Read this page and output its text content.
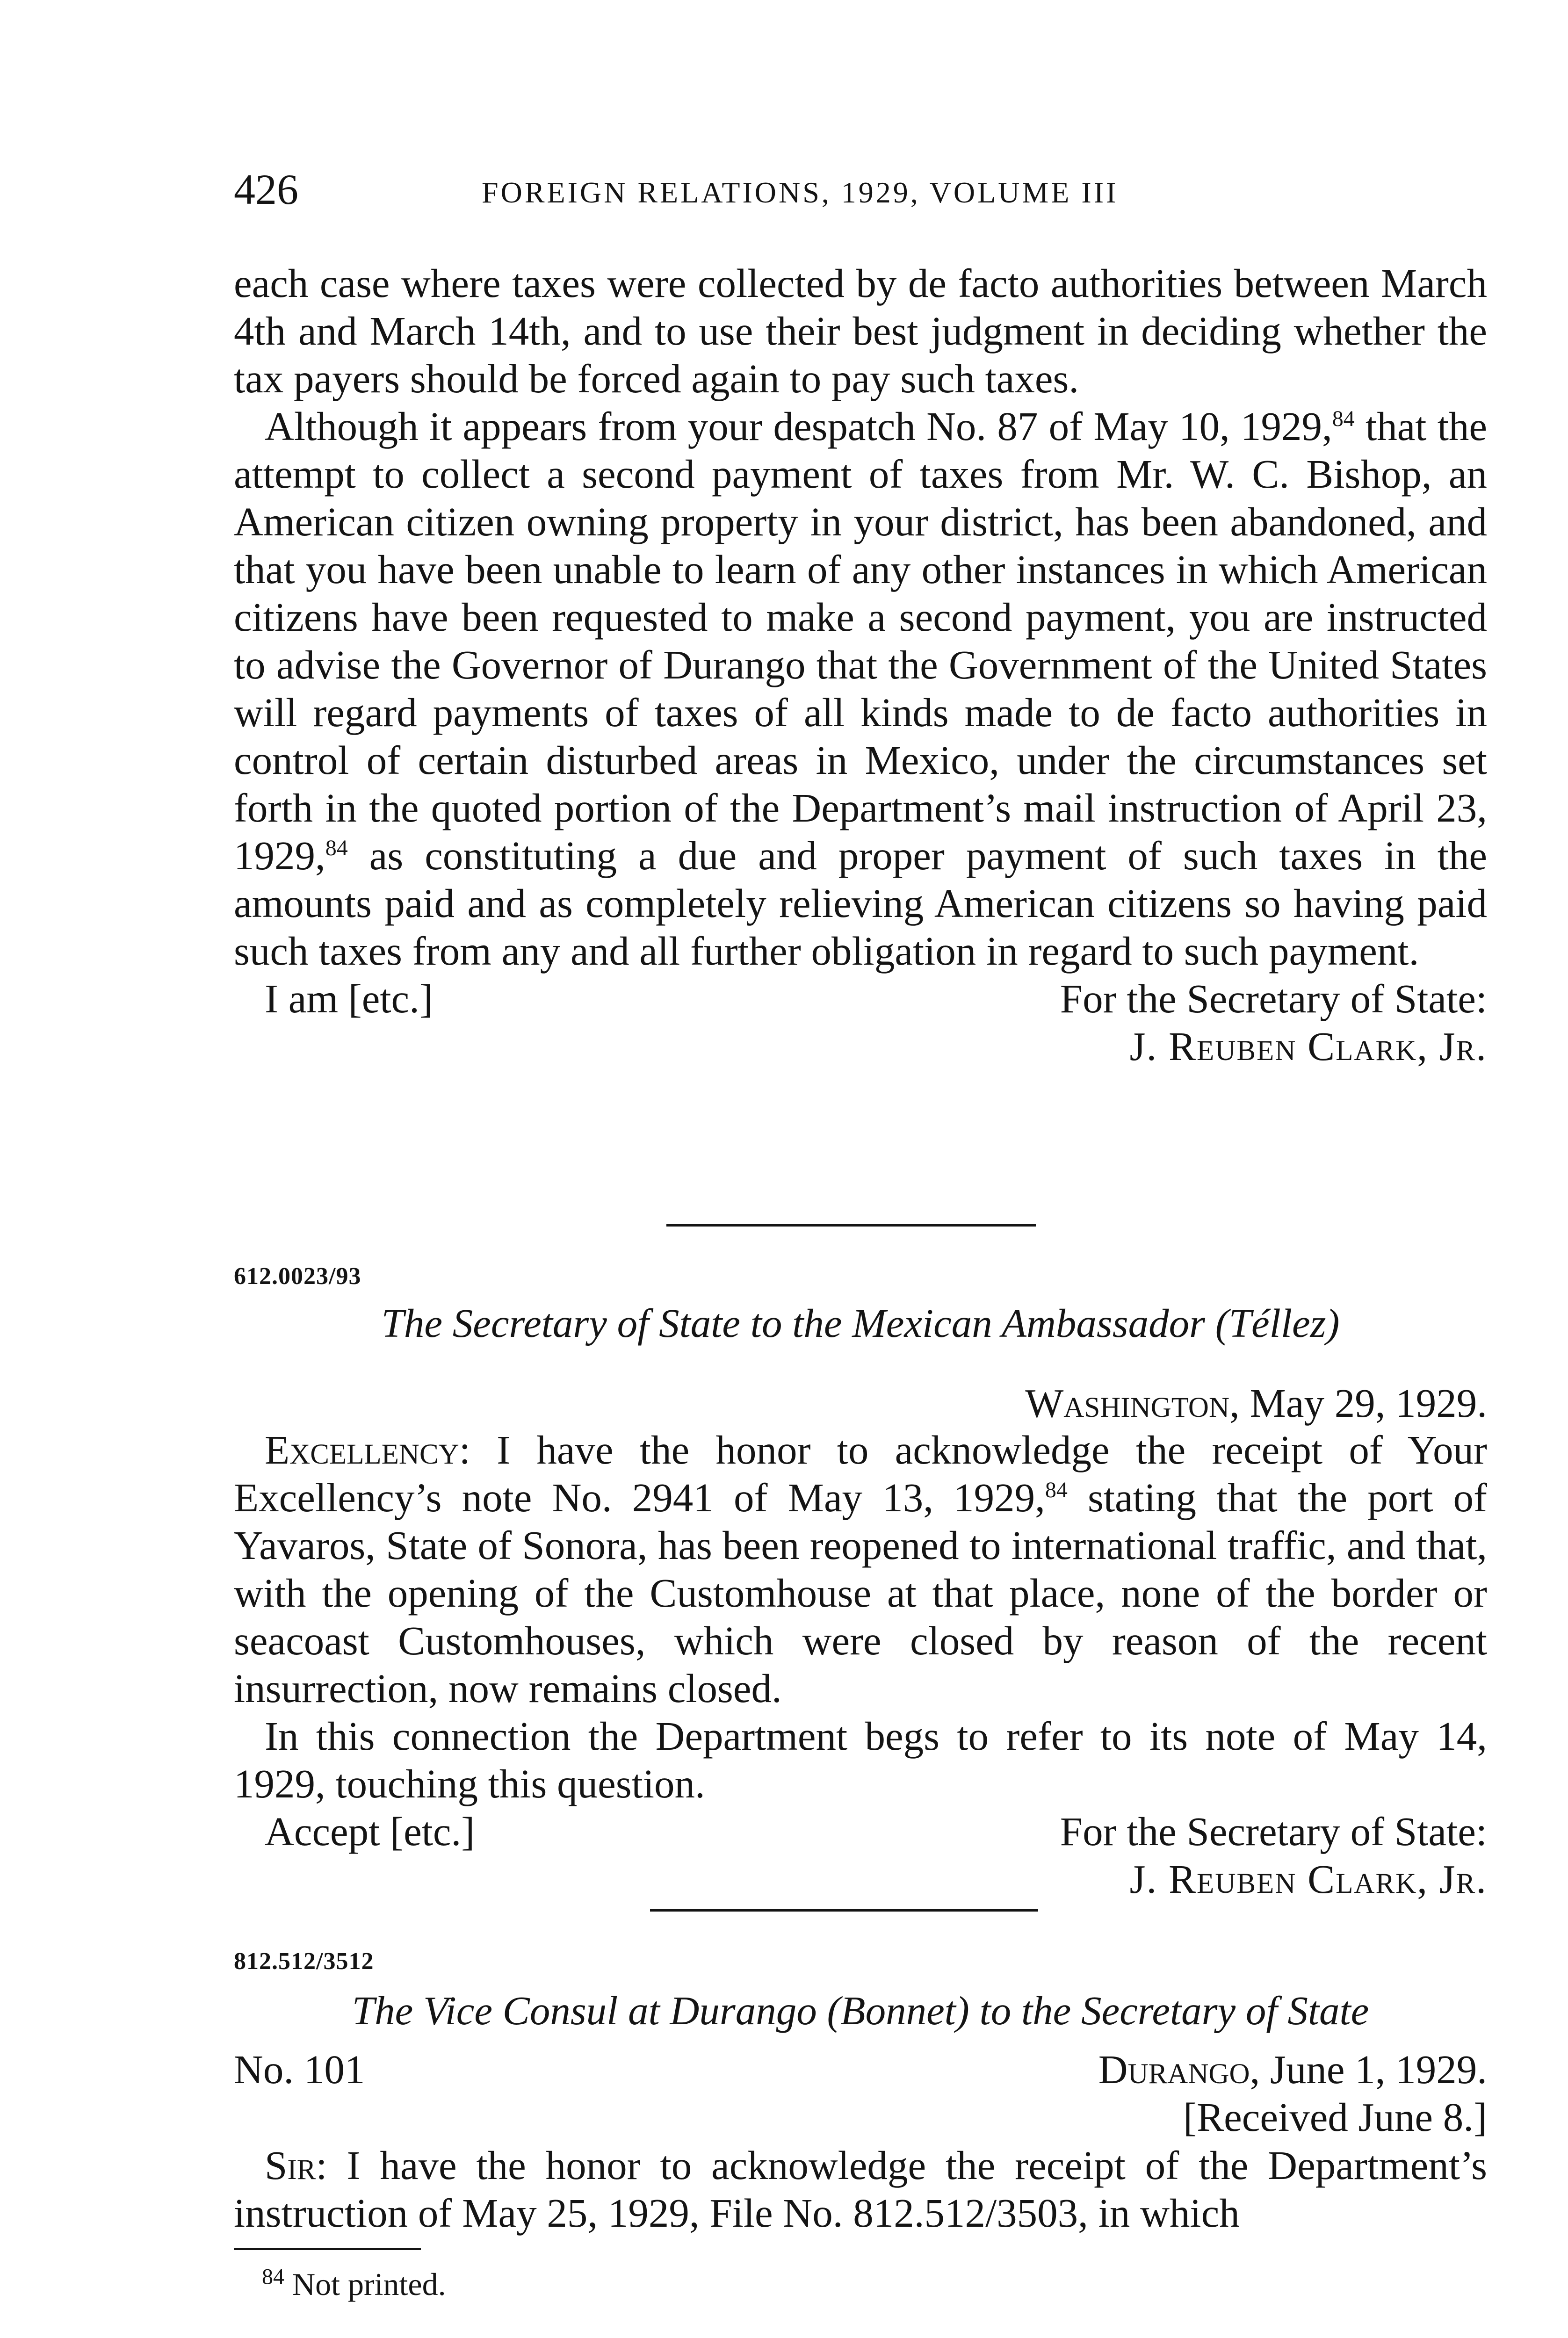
426	FOREIGN RELATIONS, 1929, VOLUME III

each case where taxes were collected by de facto authorities between March 4th and March 14th, and to use their best judgment in deciding whether the tax payers should be forced again to pay such taxes.

Although it appears from your despatch No. 87 of May 10, 1929,84 that the attempt to collect a second payment of taxes from Mr. W. C. Bishop, an American citizen owning property in your district, has been abandoned, and that you have been unable to learn of any other instances in which American citizens have been requested to make a second payment, you are instructed to advise the Governor of Durango that the Government of the United States will regard payments of taxes of all kinds made to de facto authorities in control of certain disturbed areas in Mexico, under the circumstances set forth in the quoted portion of the Department’s mail instruction of April 23, 1929,84 as constituting a due and proper payment of such taxes in the amounts paid and as completely relieving American citizens so having paid such taxes from any and all further obligation in regard to such payment.

I am [etc.]	For the Secretary of State:
J. Reuben Clark, Jr.
612.0023/93
The Secretary of State to the Mexican Ambassador (Téllez)
Washington, May 29, 1929.

Excellency: I have the honor to acknowledge the receipt of Your Excellency’s note No. 2941 of May 13, 1929,84 stating that the port of Yavaros, State of Sonora, has been reopened to international traffic, and that, with the opening of the Customhouse at that place, none of the border or seacoast Customhouses, which were closed by reason of the recent insurrection, now remains closed.

In this connection the Department begs to refer to its note of May 14, 1929, touching this question.

Accept [etc.]	For the Secretary of State:
J. Reuben Clark, Jr.
812.512/3512
The Vice Consul at Durango (Bonnet) to the Secretary of State
No. 101	Durango, June 1, 1929.
[Received June 8.]

Sir: I have the honor to acknowledge the receipt of the Department’s instruction of May 25, 1929, File No. 812.512/3503, in which

$^{84}$ Not printed.
